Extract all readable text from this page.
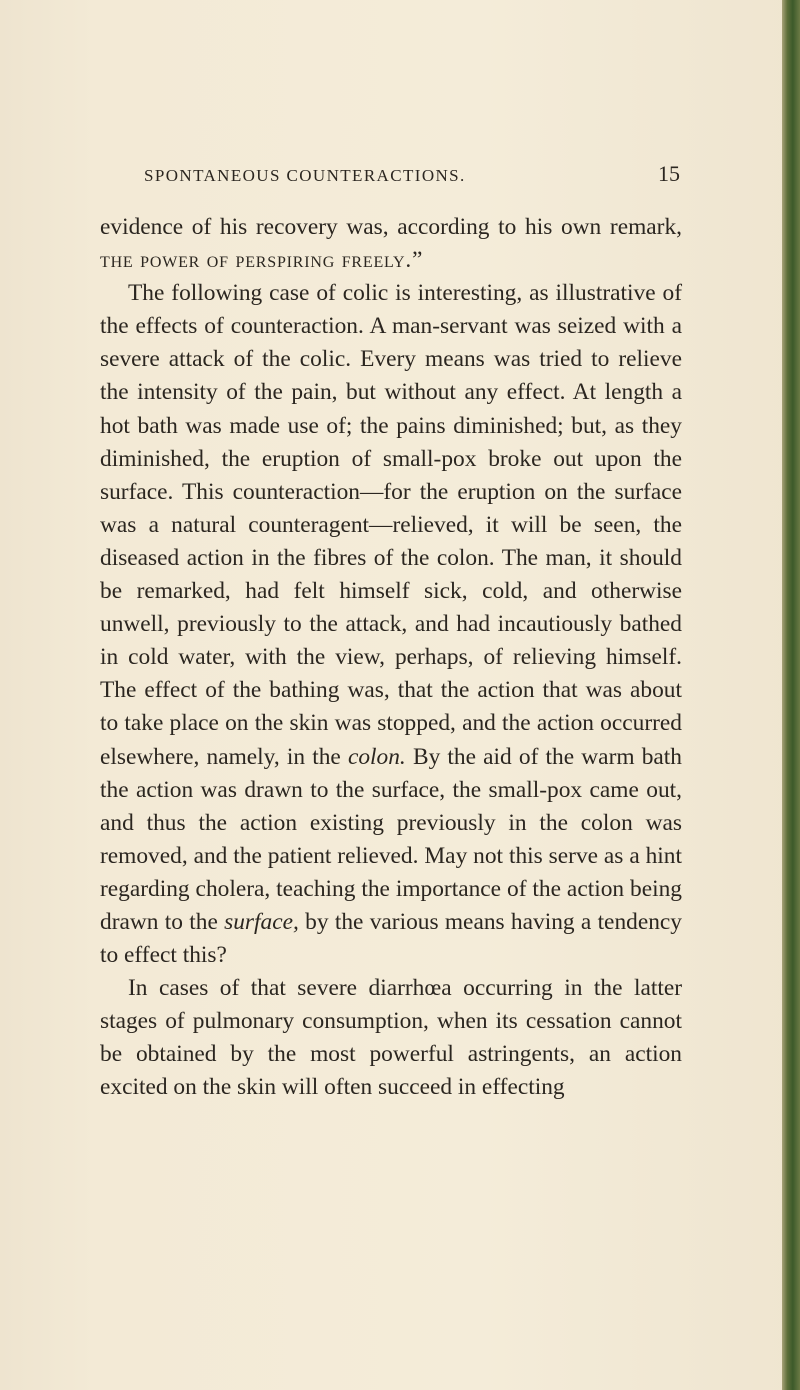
SPONTANEOUS COUNTERACTIONS.	15

evidence of his recovery was, according to his own remark, the power of perspiring freely.”

The following case of colic is interesting, as illustrative of the effects of counteraction. A man-servant was seized with a severe attack of the colic. Every means was tried to relieve the intensity of the pain, but without any effect. At length a hot bath was made use of; the pains diminished; but, as they diminished, the eruption of small-pox broke out upon the surface. This counteraction—for the eruption on the surface was a natural counteragent—relieved, it will be seen, the diseased action in the fibres of the colon. The man, it should be remarked, had felt himself sick, cold, and otherwise unwell, previously to the attack, and had incautiously bathed in cold water, with the view, perhaps, of relieving himself. The effect of the bathing was, that the action that was about to take place on the skin was stopped, and the action occurred elsewhere, namely, in the colon. By the aid of the warm bath the action was drawn to the surface, the small-pox came out, and thus the action existing previously in the colon was removed, and the patient relieved. May not this serve as a hint regarding cholera, teaching the importance of the action being drawn to the surface, by the various means having a tendency to effect this?

In cases of that severe diarrhœa occurring in the latter stages of pulmonary consumption, when its cessation cannot be obtained by the most powerful astringents, an action excited on the skin will often succeed in effecting
